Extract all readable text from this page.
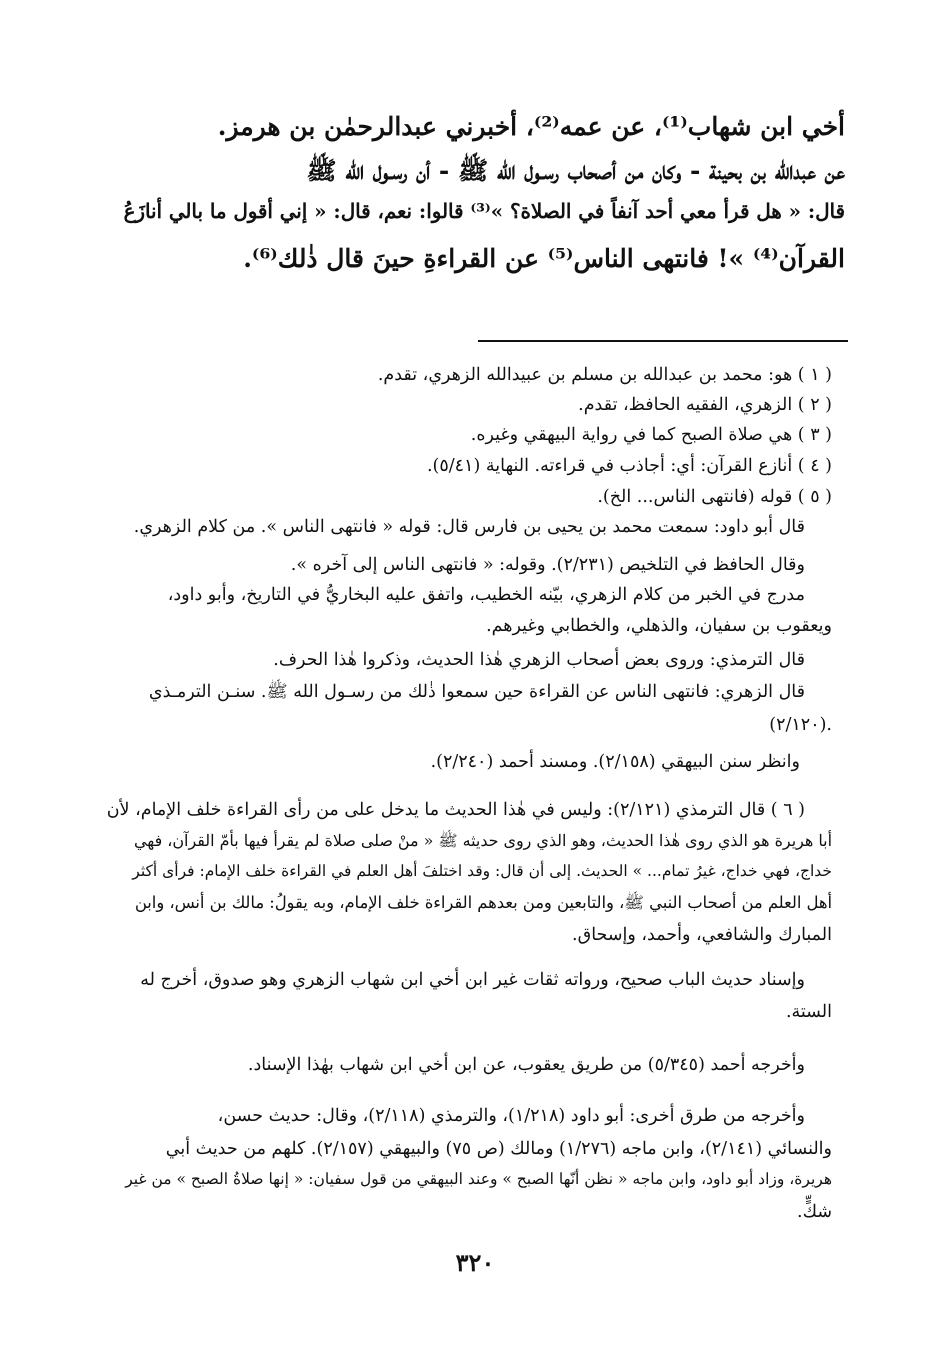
أخي ابن شهاب⁽¹⁾، عن عمه⁽²⁾، أخبرني عبدالرحمٰن بن هرمز.
عن عبدالله بن بحينة - وكان من أصحاب رسـول الله ﷺ - أن رسـول الله ﷺ
قال: « هل قرأ معي أحد آنفاً في الصلاة؟ »⁽³⁾ قالوا: نعم، قال: « إني أقول ما بالي أنازَعُ
القرآن⁽⁴⁾ »! فانتهى الناس⁽⁵⁾ عن القراءةِ حينَ قال ذٰلك⁽⁶⁾.
( ١ ) هو: محمد بن عبدالله بن مسلم بن عبيدالله الزهري، تقدم.
( ٢ ) الزهري، الفقيه الحافظ، تقدم.
( ٣ ) هي صلاة الصبح كما في رواية البيهقي وغيره.
( ٤ ) أنازع القرآن: أي: أجاذب في قراءته. النهاية (٥/٤١).
( ٥ ) قوله (فانتهى الناس... الخ).
قال أبو داود: سمعت محمد بن يحيى بن فارس قال: قوله « فانتهى الناس ». من كلام الزهري.
وقال الحافظ في التلخيص (٢/٢٣١). وقوله: « فانتهى الناس إلى آخره ».
مدرج في الخبر من كلام الزهري، بيّنه الخطيب، واتفق عليه البخاريُّ في التاريخ، وأبو داود،
ويعقوب بن سفيان، والذهلي، والخطابي وغيرهم.
قال الترمذي: وروى بعض أصحاب الزهري هٰذا الحديث، وذكروا هٰذا الحرف.
قال الزهري: فانتهى الناس عن القراءة حين سمعوا ذٰلك من رسـول الله ﷺ. سنـن الترمـذي
(٢/١٢٠).
وانظر سنن البيهقي (٢/١٥٨). ومسند أحمد (٢/٢٤٠).
( ٦ ) قال الترمذي (٢/١٢١): وليس في هٰذا الحديث ما يدخل على من رأى القراءة خلف الإمام، لأن
أبا هريرة هو الذي روى هٰذا الحديث، وهو الذي روى حديثه ﷺ « منْ صلى صلاة لم يقرأ فيها بأمّ القرآن، فهي
خداج، فهي خداج، غيرُ تمام... » الحديث. إلى أن قال: وقد اختلفَ أهل العلم في القراءة خلف الإمام: فرأى أكثر
أهل العلم من أصحاب النبي ﷺ، والتابعين ومن بعدهم القراءة خلف الإمام، وبه يقولُ: مالك بن أنس، وابن
المبارك والشافعي، وأحمد، وإسحاق.
وإسناد حديث الباب صحيح، ورواته ثقات غير ابن أخي ابن شهاب الزهري وهو صدوق، أخرج له
الستة.
وأخرجه أحمد (٥/٣٤٥) من طريق يعقوب، عن ابن أخي ابن شهاب بهٰذا الإسناد.
وأخرجه من طرق أخرى: أبو داود (١/٢١٨)، والترمذي (٢/١١٨)، وقال: حديث حسن،
والنسائي (٢/١٤١)، وابن ماجه (١/٢٧٦) ومالك (ص ٧٥) والبيهقي (٢/١٥٧). كلهم من حديث أبي
هريرة، وزاد أبو داود، وابن ماجه « نظن أنّها الصبح » وعند البيهقي من قول سفيان: « إنها صلاةُ الصبح » من غير
شكٍّ.
٣٢٠
